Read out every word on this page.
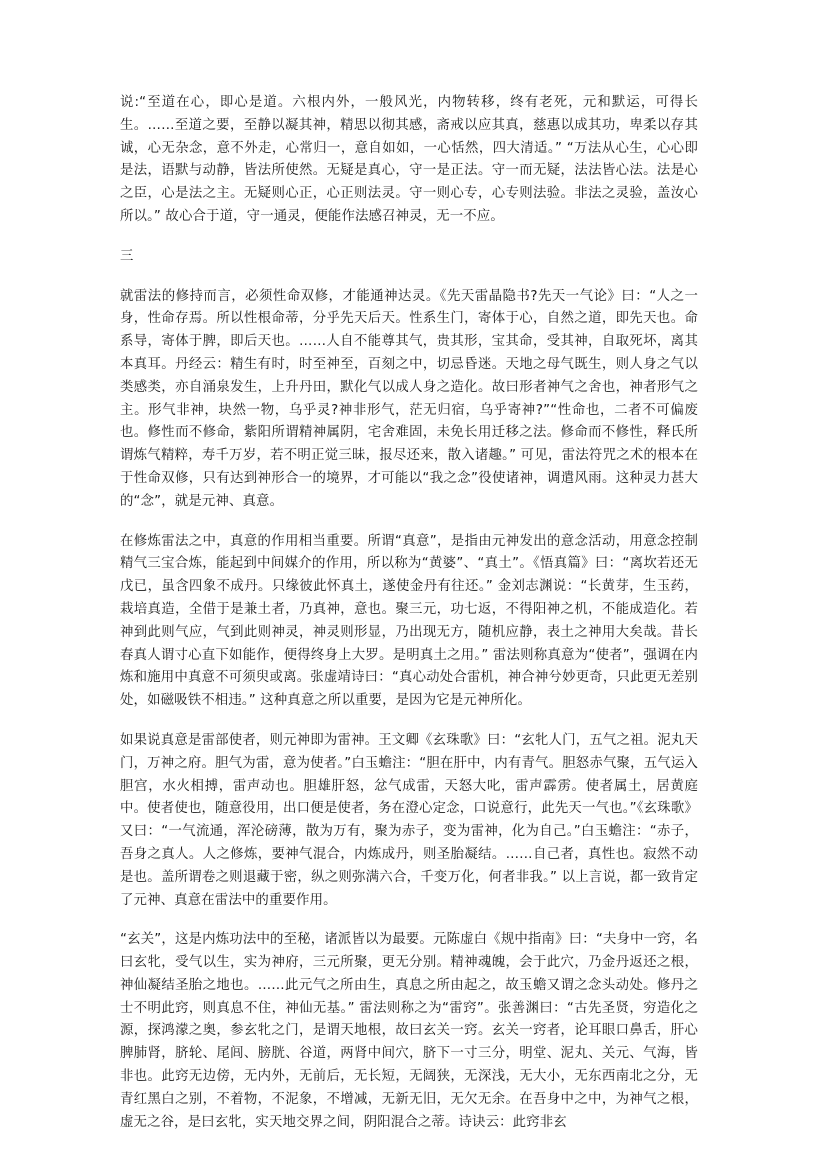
说:“至道在心，即心是道。六根内外，一般风光，内物转移，终有老死，元和默运，可得长生。……至道之要，至静以凝其神，精思以彻其感，斋戒以应其真，慈惠以成其功，卑柔以存其诚，心无杂念，意不外走，心常归一，意自如如，一心恬然，四大清适。” “万法从心生，心心即是法，语默与动静，皆法所使然。无疑是真心，守一是正法。守一而无疑，法法皆心法。法是心之臣，心是法之主。无疑则心正，心正则法灵。守一则心专，心专则法验。非法之灵验，盖汝心所以。” 故心合于道，守一通灵，便能作法感召神灵，无一不应。

三

就雷法的修持而言，必须性命双修，才能通神达灵。《先天雷晶隐书?先天一气论》曰：“人之一身，性命存焉。所以性根命蒂，分乎先天后天。性系生门，寄体于心，自然之道，即先天也。命系导，寄体于脾，即后天也。……人自不能尊其气，贵其形，宝其命，受其神，自取死坏，离其本真耳。丹经云：精生有时，时至神至，百刻之中，切忌昏迷。天地之母气既生，则人身之气以类感类，亦自涌泉发生，上升丹田，默化气以成人身之造化。故曰形者神气之舍也，神者形气之主。形气非神，块然一物，乌乎灵?神非形气，茫无归宿，乌乎寄神?”“性命也，二者不可偏废也。修性而不修命，紫阳所谓精神属阴，宅舍难固，未免长用迁移之法。修命而不修性，释氏所谓炼气精粹，寿千万岁，若不明正觉三昧，报尽还来，散入诸趣。” 可见，雷法符咒之术的根本在于性命双修，只有达到神形合一的境界，才可能以“我之念”役使诸神，调遣风雨。这种灵力甚大的“念”，就是元神、真意。

在修炼雷法之中，真意的作用相当重要。所谓“真意”，是指由元神发出的意念活动，用意念控制精气三宝合炼，能起到中间媒介的作用，所以称为“黄婆”、“真土”。《悟真篇》曰：“离坎若还无戊已，虽含四象不成丹。只缘彼此怀真土，遂使金丹有往还。” 金刘志渊说：“长黄芽，生玉药，栽培真造，全借于是兼土者，乃真神，意也。聚三元，功七返，不得阳神之机，不能成造化。若神到此则气应，气到此则神灵，神灵则形显，乃出现无方，随机应静，表土之神用大矣哉。昔长春真人谓寸心直下如能作，便得终身上大罗。是明真土之用。” 雷法则称真意为“使者”，强调在内炼和施用中真意不可须臾或离。张虚靖诗曰：“真心动处合雷机，神合神兮妙更奇，只此更无差别处，如磁吸铁不相违。” 这种真意之所以重要，是因为它是元神所化。

如果说真意是雷部使者，则元神即为雷神。王文卿《玄珠歌》曰：“玄牝人门，五气之祖。泥丸天门，万神之府。胆气为雷，意为使者。”白玉蟾注：“胆在肝中，内有青气。胆怒赤气聚，五气运入胆宫，水火相搏，雷声动也。胆雄肝怒，忿气成雷，天怒大叱，雷声霹雳。使者属土，居黄庭中。使者使也，随意役用，出口便是使者，务在澄心定念，口说意行，此先天一气也。”《玄珠歌》又曰：“一气流通，浑沦磅薄，散为万有，聚为赤子，变为雷神，化为自己。”白玉蟾注：“赤子，吾身之真人。人之修炼，要神气混合，内炼成丹，则圣胎凝结。……自己者，真性也。寂然不动是也。盖所谓卷之则退藏于密，纵之则弥满六合，千变万化，何者非我。” 以上言说，都一致肯定了元神、真意在雷法中的重要作用。

“玄关”，这是内炼功法中的至秘，诸派皆以为最要。元陈虚白《规中指南》曰：“夫身中一窍，名曰玄牝，受气以生，实为神府，三元所聚，更无分别。精神魂魄，会于此穴，乃金丹返还之根，神仙凝结圣胎之地也。……此元气之所由生，真息之所由起之，故玉蟾又谓之念头动处。修丹之士不明此窍，则真息不住，神仙无基。” 雷法则称之为“雷窍”。张善渊曰：“古先圣贤，穷造化之源，探鸿濛之奥，参玄牝之门，是谓天地根，故曰玄关一窍。玄关一窍者，论耳眼口鼻舌，肝心脾肺肾，脐轮、尾闾、膀胱、谷道，两肾中间穴，脐下一寸三分，明堂、泥丸、关元、气海，皆非也。此窍无边傍，无内外，无前后，无长短，无阔狭，无深浅，无大小，无东西南北之分，无青红黑白之别，不着物，不泥象，不增减，无新无旧，无欠无余。在吾身中之中，为神气之根，虚无之谷，是曰玄牝，实天地交界之间，阴阳混合之蒂。诗诀云：此窍非玄
